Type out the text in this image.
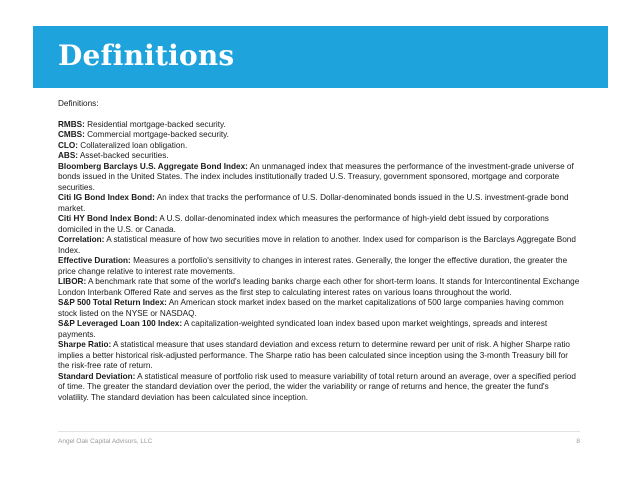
Definitions

Definitions:

RMBS: Residential mortgage-backed security.

CMBS: Commercial mortgage-backed security.

CLO: Collateralized loan obligation.

ABS: Asset-backed securities.

Bloomberg Barclays U.S. Aggregate Bond Index: An unmanaged index that measures the performance of the investment-grade universe of bonds issued in the United States. The index includes institutionally traded U.S. Treasury, government sponsored, mortgage and corporate securities.

Citi IG Bond Index Bond: An index that tracks the performance of U.S. Dollar-denominated bonds issued in the U.S. investment-grade bond market.

Citi HY Bond Index Bond: A U.S. dollar-denominated index which measures the performance of high-yield debt issued by corporations domiciled in the U.S. or Canada.

Correlation: A statistical measure of how two securities move in relation to another. Index used for comparison is the Barclays Aggregate Bond Index.

Effective Duration: Measures a portfolio's sensitivity to changes in interest rates. Generally, the longer the effective duration, the greater the price change relative to interest rate movements.

LIBOR: A benchmark rate that some of the world's leading banks charge each other for short-term loans. It stands for Intercontinental Exchange London Interbank Offered Rate and serves as the first step to calculating interest rates on various loans throughout the world.

S&P 500 Total Return Index: An American stock market index based on the market capitalizations of 500 large companies having common stock listed on the NYSE or NASDAQ.

S&P Leveraged Loan 100 Index: A capitalization-weighted syndicated loan index based upon market weightings, spreads and interest payments.

Sharpe Ratio: A statistical measure that uses standard deviation and excess return to determine reward per unit of risk. A higher Sharpe ratio implies a better historical risk-adjusted performance. The Sharpe ratio has been calculated since inception using the 3-month Treasury bill for the risk-free rate of return.

Standard Deviation: A statistical measure of portfolio risk used to measure variability of total return around an average, over a specified period of time. The greater the standard deviation over the period, the wider the variability or range of returns and hence, the greater the fund's volatility. The standard deviation has been calculated since inception.

Angel Oak Capital Advisors, LLC	8
